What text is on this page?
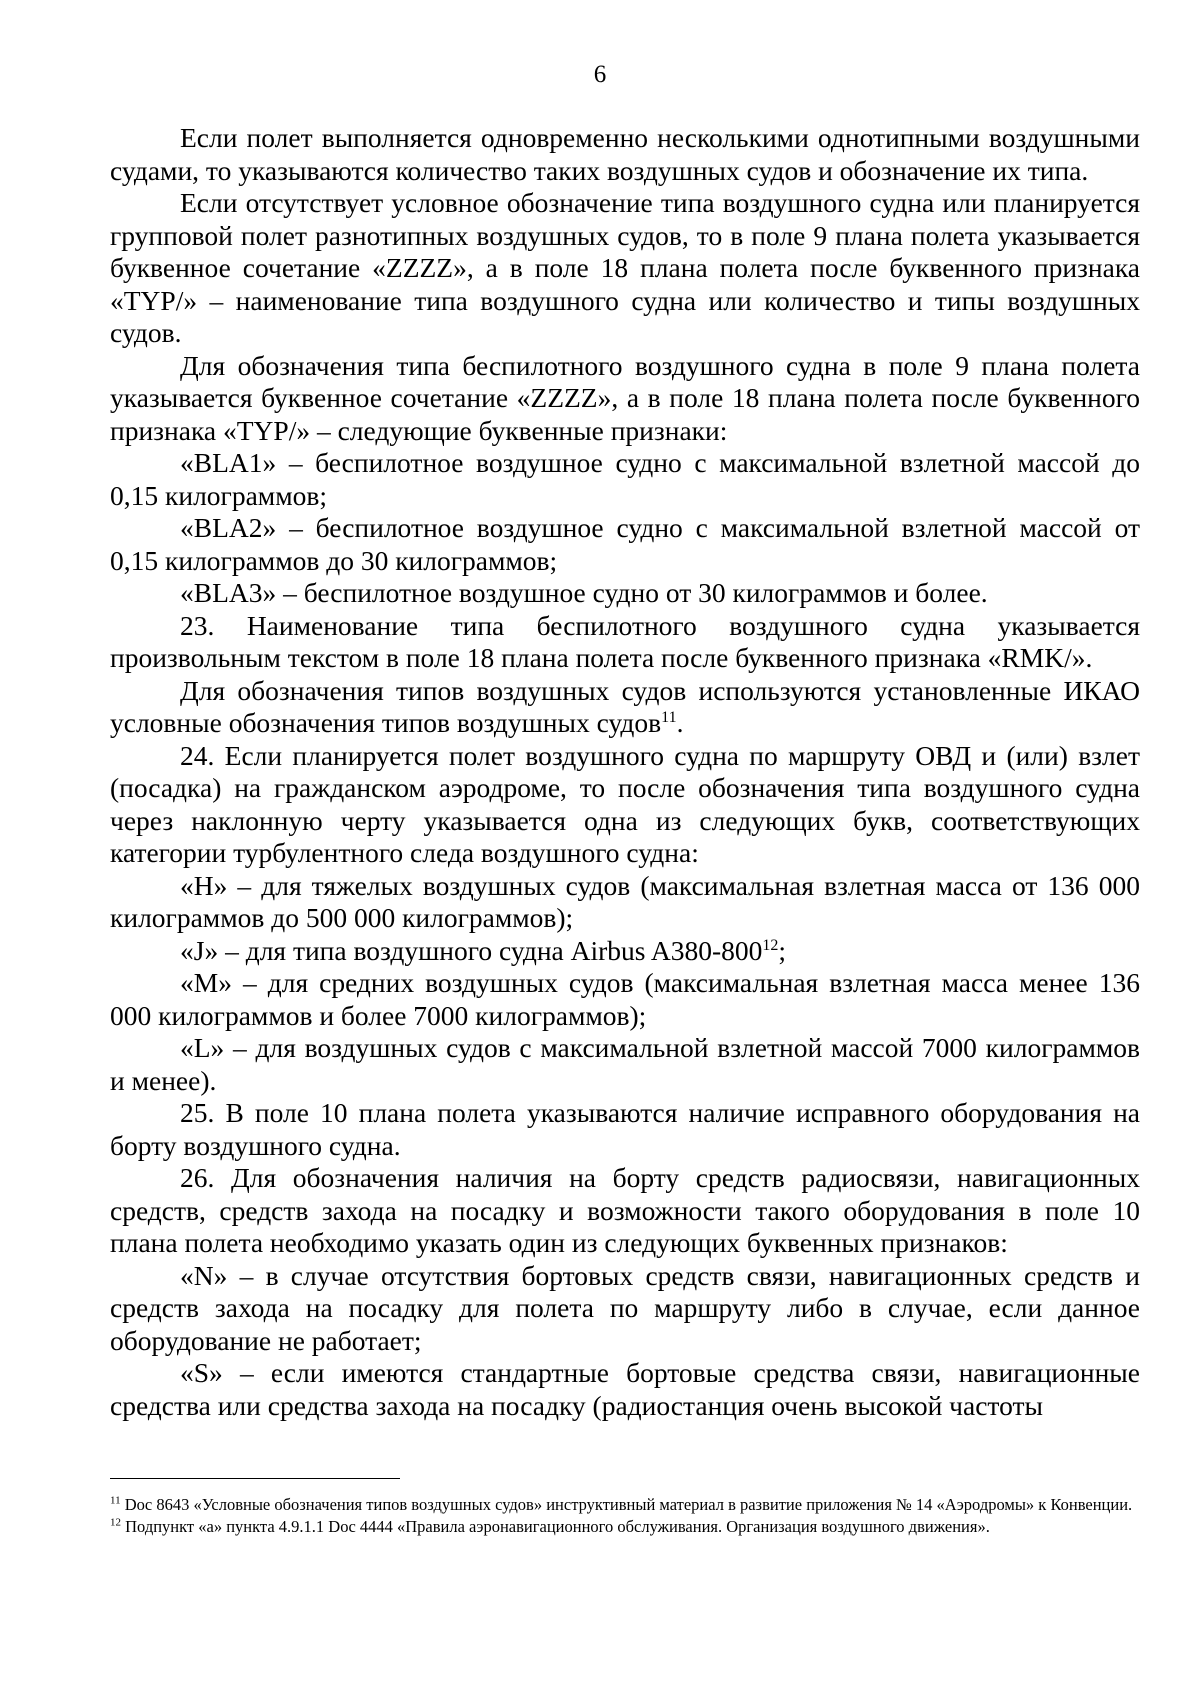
6

Если полет выполняется одновременно несколькими однотипными воздушными судами, то указываются количество таких воздушных судов и обозначение их типа.

Если отсутствует условное обозначение типа воздушного судна или планируется групповой полет разнотипных воздушных судов, то в поле 9 плана полета указывается буквенное сочетание «ZZZZ», а в поле 18 плана полета после буквенного признака «TYP/» – наименование типа воздушного судна или количество и типы воздушных судов.

Для обозначения типа беспилотного воздушного судна в поле 9 плана полета указывается буквенное сочетание «ZZZZ», а в поле 18 плана полета после буквенного признака «TYP/» – следующие буквенные признаки:

«BLA1» – беспилотное воздушное судно с максимальной взлетной массой до 0,15 килограммов;

«BLA2» – беспилотное воздушное судно с максимальной взлетной массой от 0,15 килограммов до 30 килограммов;

«BLA3» – беспилотное воздушное судно от 30 килограммов и более.

23. Наименование типа беспилотного воздушного судна указывается произвольным текстом в поле 18 плана полета после буквенного признака «RMK/».

Для обозначения типов воздушных судов используются установленные ИКАО условные обозначения типов воздушных судов$^{11}$.

24. Если планируется полет воздушного судна по маршруту ОВД и (или) взлет (посадка) на гражданском аэродроме, то после обозначения типа воздушного судна через наклонную черту указывается одна из следующих букв, соответствующих категории турбулентного следа воздушного судна:

«H» – для тяжелых воздушных судов (максимальная взлетная масса от 136 000 килограммов до 500 000 килограммов);

«J» – для типа воздушного судна Airbus $A380-800^{12}$;

«M» – для средних воздушных судов (максимальная взлетная масса менее 136 000 килограммов и более 7000 килограммов);

«L» – для воздушных судов с максимальной взлетной массой 7000 килограммов и менее).

25. В поле 10 плана полета указываются наличие исправного оборудования на борту воздушного судна.

26. Для обозначения наличия на борту средств радиосвязи, навигационных средств, средств захода на посадку и возможности такого оборудования в поле 10 плана полета необходимо указать один из следующих буквенных признаков:

«N» – в случае отсутствия бортовых средств связи, навигационных средств и средств захода на посадку для полета по маршруту либо в случае, если данное оборудование не работает;

«S» – если имеются стандартные бортовые средства связи, навигационные средства или средства захода на посадку (радиостанция очень высокой частоты

$^{11}$ Doc 8643 «Условные обозначения типов воздушных судов» инструктивный материал в развитие приложения № 14 «Аэродромы» к Конвенции.

$^{12}$ Подпункт «а» пункта 4.9.1.1 Doc 4444 «Правила аэронавигационного обслуживания. Организация воздушного движения».
